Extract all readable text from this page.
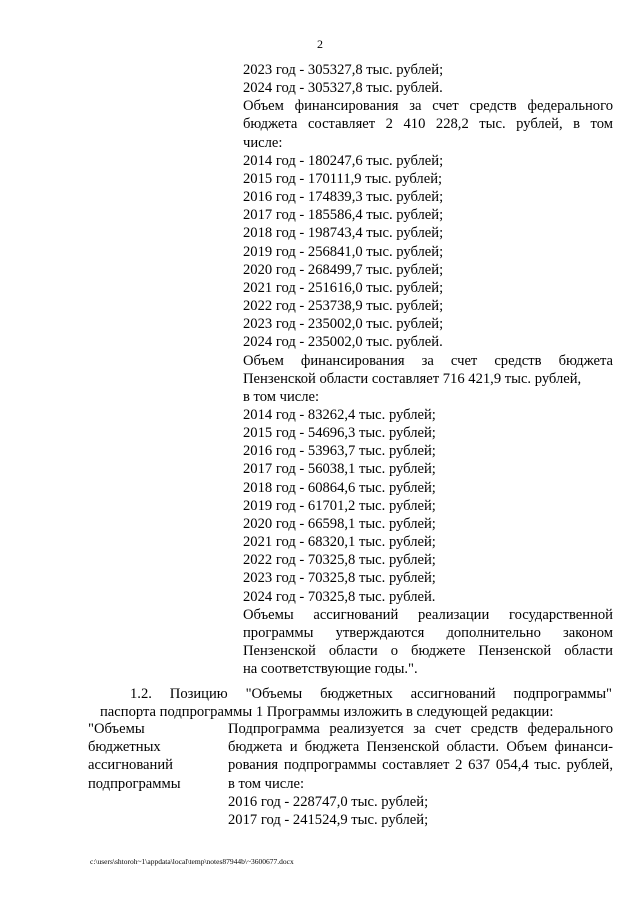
2
2023 год - 305327,8 тыс. рублей;
2024 год - 305327,8 тыс. рублей.
Объем финансирования за счет средств федерального
бюджета составляет 2 410 228,2 тыс. рублей, в том
числе:
2014 год - 180247,6 тыс. рублей;
2015 год - 170111,9 тыс. рублей;
2016 год - 174839,3 тыс. рублей;
2017 год - 185586,4 тыс. рублей;
2018 год - 198743,4 тыс. рублей;
2019 год - 256841,0 тыс. рублей;
2020 год - 268499,7 тыс. рублей;
2021 год - 251616,0 тыс. рублей;
2022 год - 253738,9 тыс. рублей;
2023 год - 235002,0 тыс. рублей;
2024 год - 235002,0 тыс. рублей.
Объем финансирования за счет средств бюджета
Пензенской области составляет 716 421,9 тыс. рублей,
в том числе:
2014 год - 83262,4 тыс. рублей;
2015 год - 54696,3 тыс. рублей;
2016 год - 53963,7 тыс. рублей;
2017 год - 56038,1 тыс. рублей;
2018 год - 60864,6 тыс. рублей;
2019 год - 61701,2 тыс. рублей;
2020 год - 66598,1 тыс. рублей;
2021 год - 68320,1 тыс. рублей;
2022 год - 70325,8 тыс. рублей;
2023 год - 70325,8 тыс. рублей;
2024 год - 70325,8 тыс. рублей.
Объемы ассигнований реализации государственной
программы утверждаются дополнительно законом
Пензенской области о бюджете Пензенской области
на соответствующие годы.".
1.2. Позицию "Объемы бюджетных ассигнований подпрограммы"
паспорта подпрограммы 1 Программы изложить в следующей редакции:
"Объемы
бюджетных
ассигнований
подпрограммы
Подпрограмма реализуется за счет средств федерального
бюджета и бюджета Пензенской области. Объем финанси-
рования подпрограммы составляет 2 637 054,4 тыс. рублей,
в том числе:
2016 год - 228747,0 тыс. рублей;
2017 год - 241524,9 тыс. рублей;
c:\users\shtoroh~1\appdata\local\temp\notes87944b\~3600677.docx
